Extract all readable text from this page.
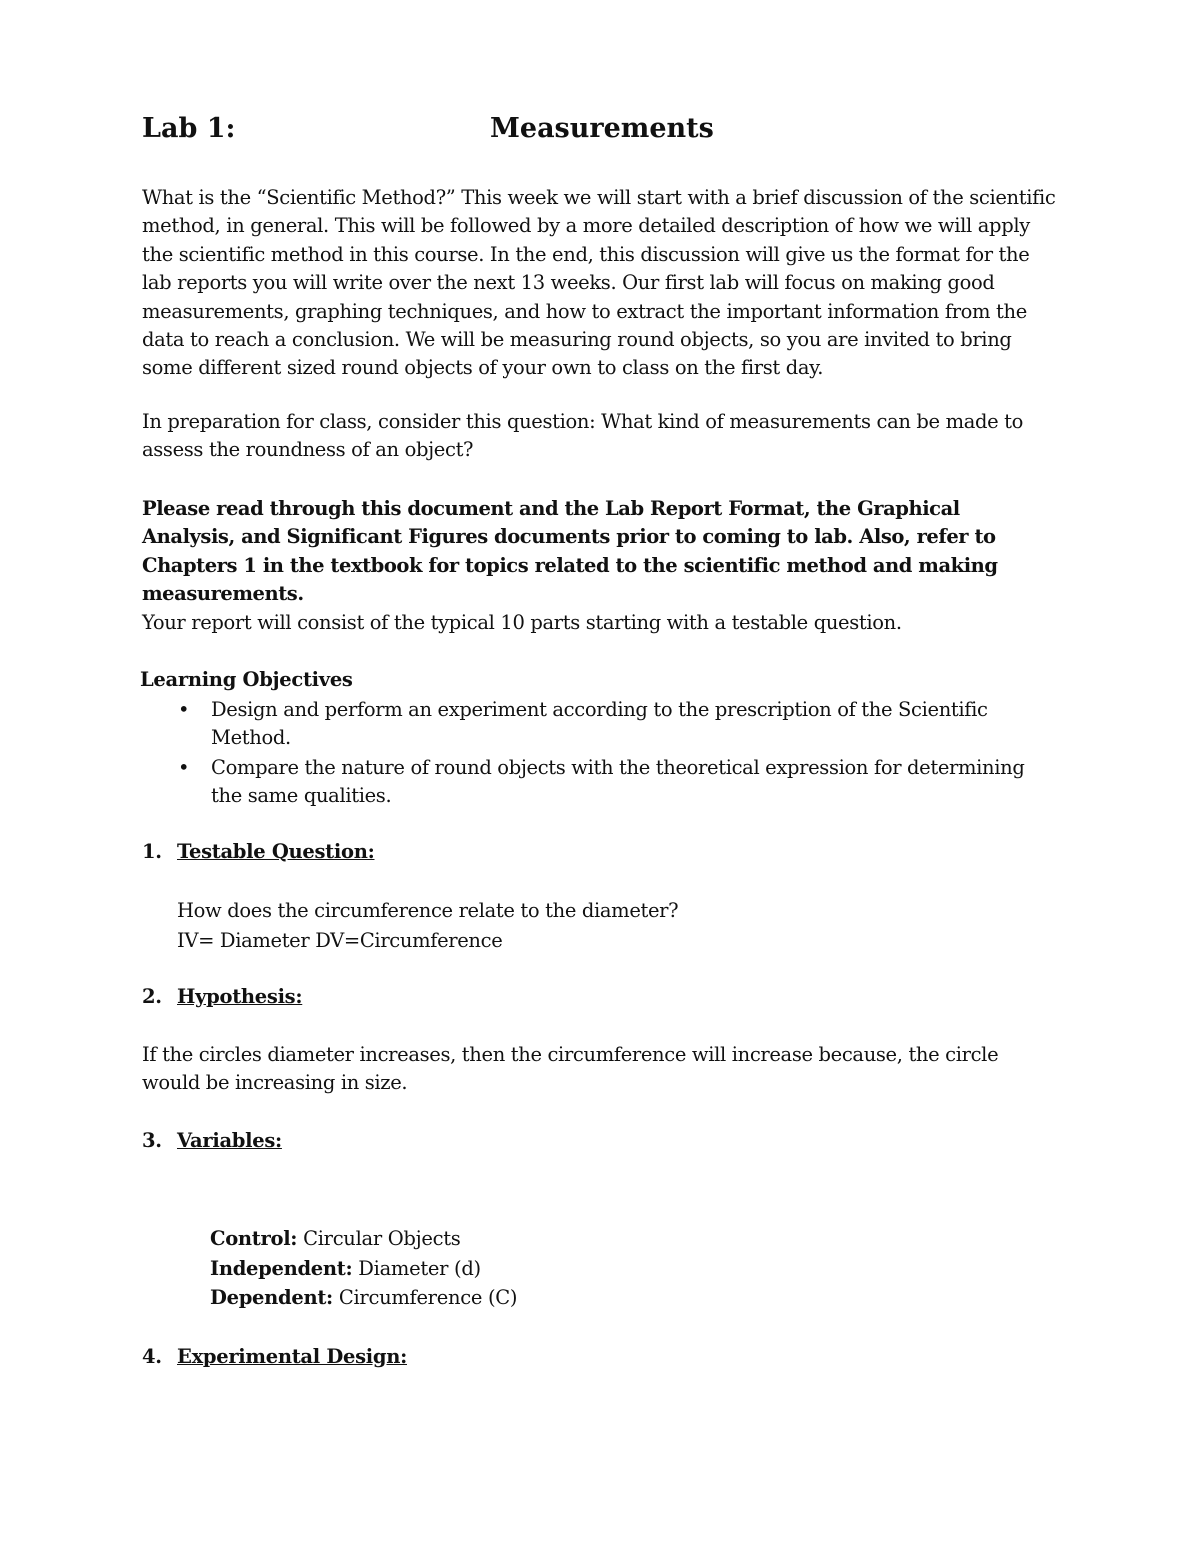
Lab 1:	Measurements

What is the “Scientific Method?” This week we will start with a brief discussion of the scientific method, in general. This will be followed by a more detailed description of how we will apply the scientific method in this course. In the end, this discussion will give us the format for the lab reports you will write over the next 13 weeks. Our first lab will focus on making good measurements, graphing techniques, and how to extract the important information from the data to reach a conclusion. We will be measuring round objects, so you are invited to bring some different sized round objects of your own to class on the first day.

In preparation for class, consider this question: What kind of measurements can be made to assess the roundness of an object?

Please read through this document and the Lab Report Format, the Graphical Analysis, and Significant Figures documents prior to coming to lab. Also, refer to Chapters 1 in the textbook for topics related to the scientific method and making measurements.

Your report will consist of the typical 10 parts starting with a testable question.

Learning Objectives
• Design and perform an experiment according to the prescription of the Scientific Method.
• Compare the nature of round objects with the theoretical expression for determining the same qualities.
1. Testable Question:
How does the circumference relate to the diameter?
IV= Diameter DV=Circumference
2. Hypothesis:

If the circles diameter increases, then the circumference will increase because, the circle would be increasing in size.

3. Variables:
Control: Circular Objects
Independent: Diameter (d)
Dependent: Circumference (C)
4. Experimental Design:
